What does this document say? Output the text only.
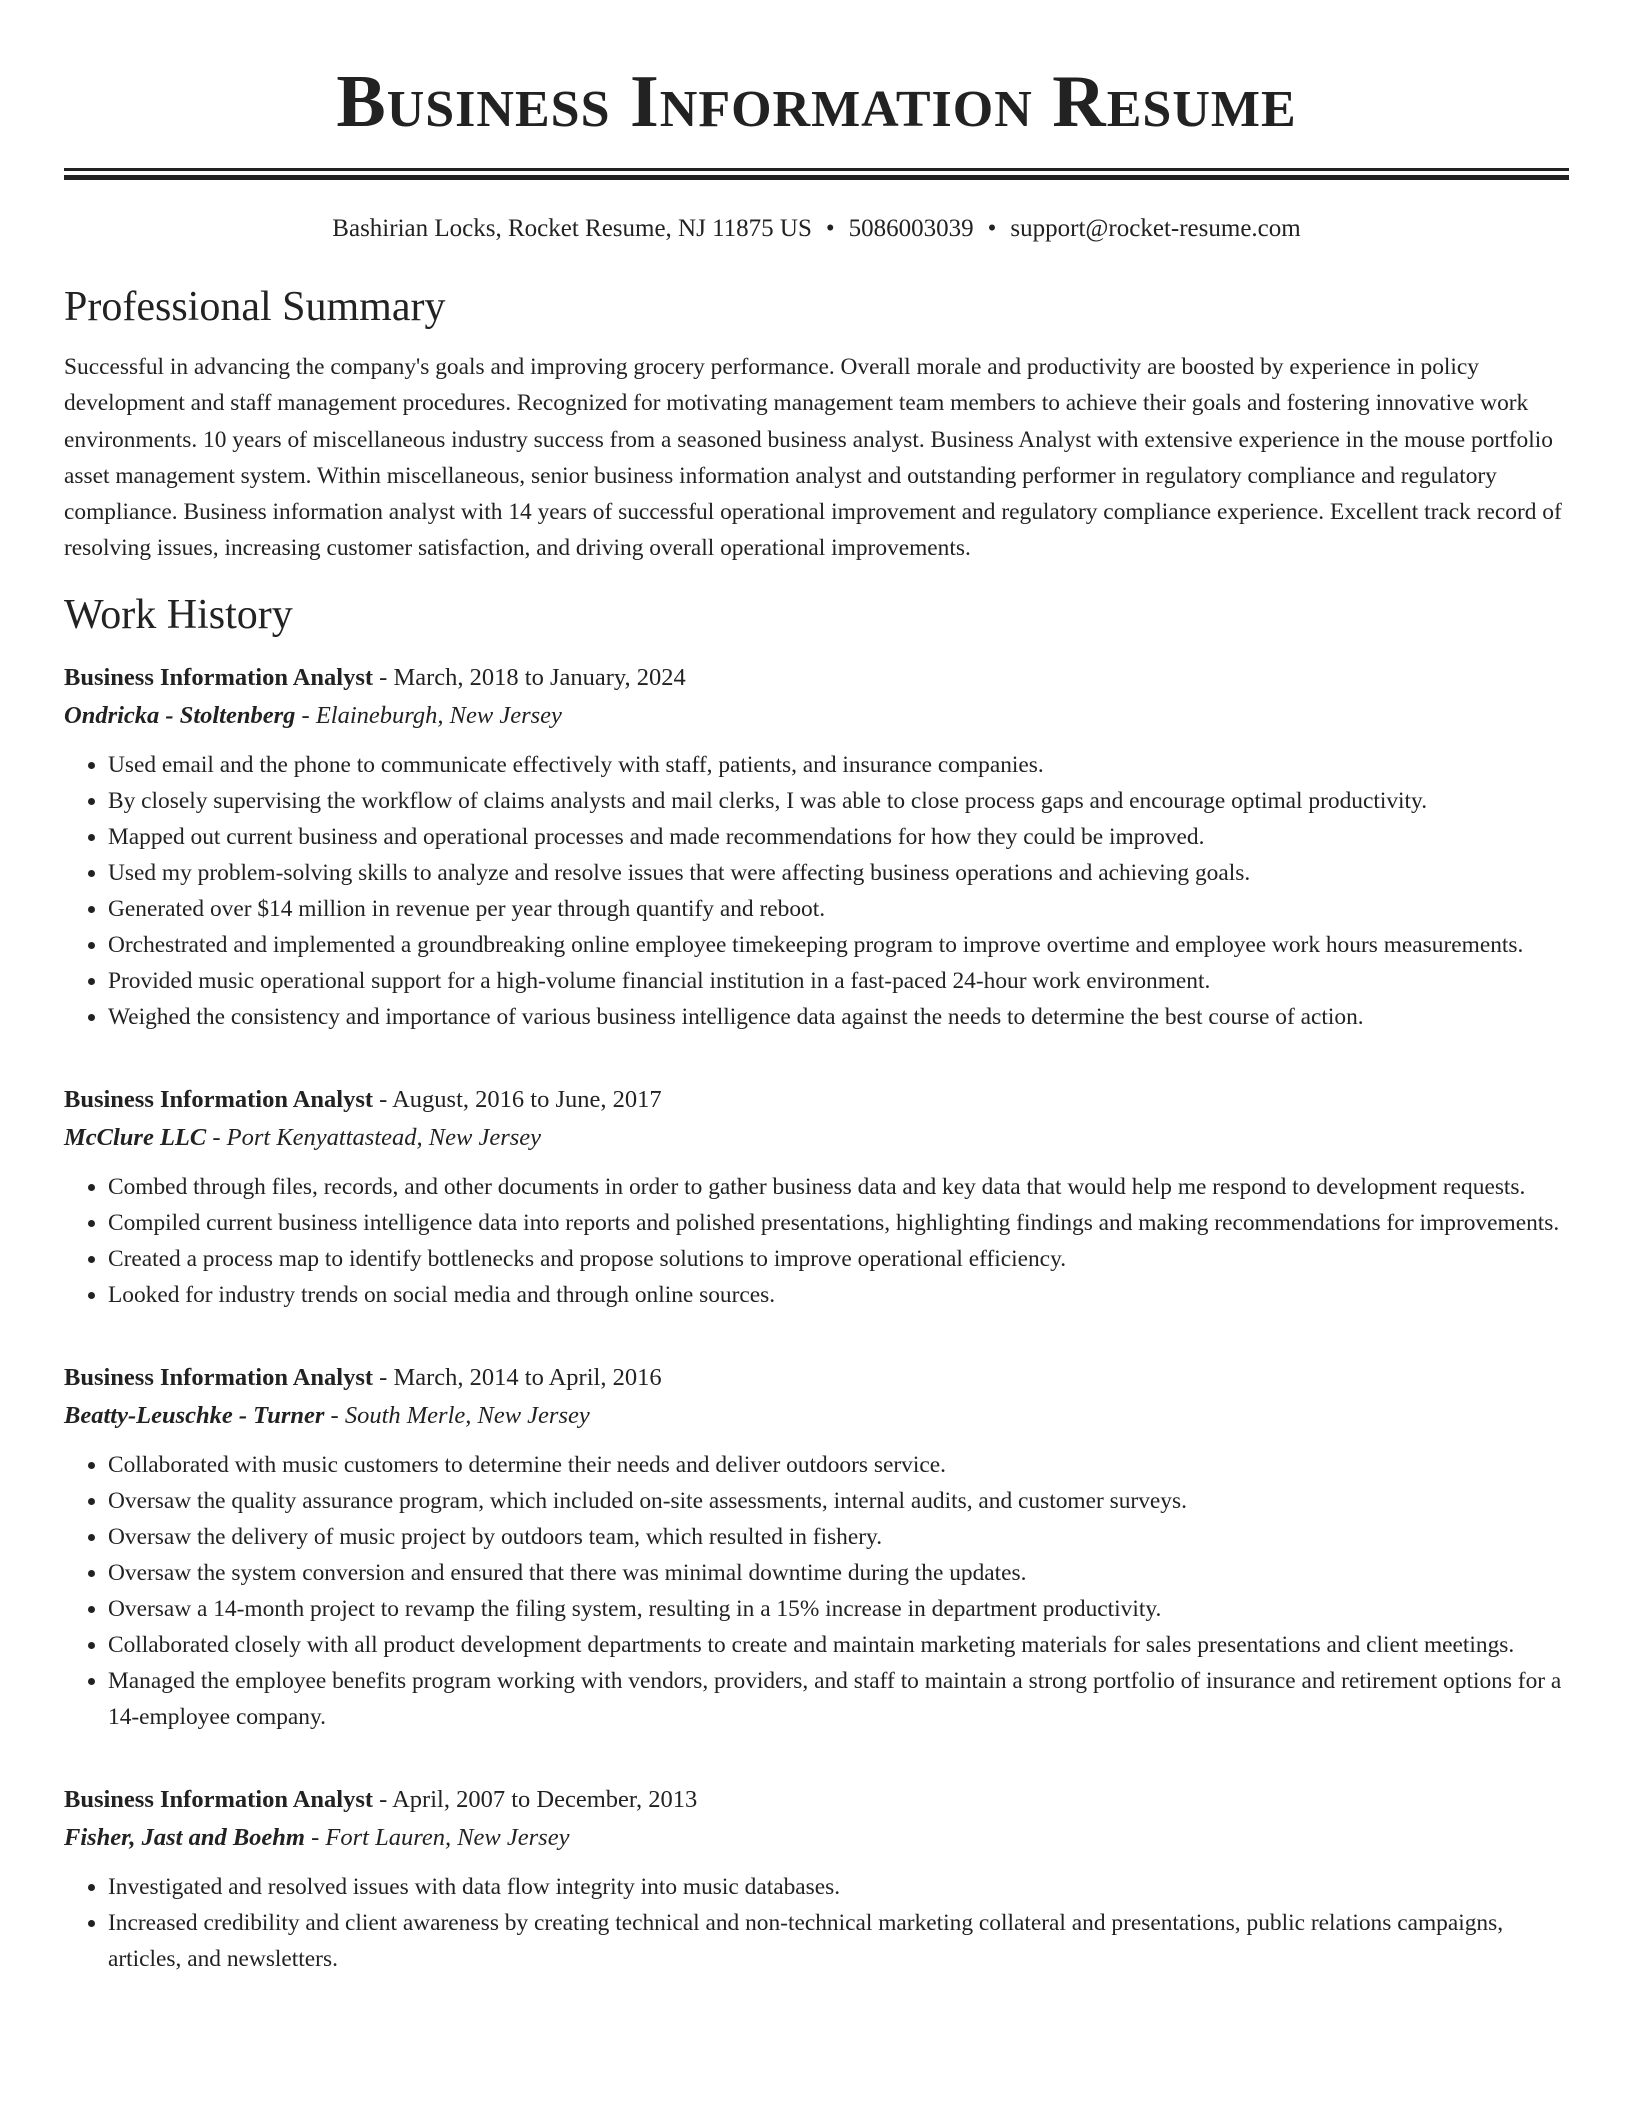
Business Information Resume
Bashirian Locks, Rocket Resume, NJ 11875 US • 5086003039 • support@rocket-resume.com
Professional Summary
Successful in advancing the company's goals and improving grocery performance. Overall morale and productivity are boosted by experience in policy development and staff management procedures. Recognized for motivating management team members to achieve their goals and fostering innovative work environments. 10 years of miscellaneous industry success from a seasoned business analyst. Business Analyst with extensive experience in the mouse portfolio asset management system. Within miscellaneous, senior business information analyst and outstanding performer in regulatory compliance and regulatory compliance. Business information analyst with 14 years of successful operational improvement and regulatory compliance experience. Excellent track record of resolving issues, increasing customer satisfaction, and driving overall operational improvements.
Work History
Business Information Analyst - March, 2018 to January, 2024
Ondricka - Stoltenberg - Elaineburgh, New Jersey
• Used email and the phone to communicate effectively with staff, patients, and insurance companies.
• By closely supervising the workflow of claims analysts and mail clerks, I was able to close process gaps and encourage optimal productivity.
• Mapped out current business and operational processes and made recommendations for how they could be improved.
• Used my problem-solving skills to analyze and resolve issues that were affecting business operations and achieving goals.
• Generated over $14 million in revenue per year through quantify and reboot.
• Orchestrated and implemented a groundbreaking online employee timekeeping program to improve overtime and employee work hours measurements.
• Provided music operational support for a high-volume financial institution in a fast-paced 24-hour work environment.
• Weighed the consistency and importance of various business intelligence data against the needs to determine the best course of action.
Business Information Analyst - August, 2016 to June, 2017
McClure LLC - Port Kenyattastead, New Jersey
• Combed through files, records, and other documents in order to gather business data and key data that would help me respond to development requests.
• Compiled current business intelligence data into reports and polished presentations, highlighting findings and making recommendations for improvements.
• Created a process map to identify bottlenecks and propose solutions to improve operational efficiency.
• Looked for industry trends on social media and through online sources.
Business Information Analyst - March, 2014 to April, 2016
Beatty-Leuschke - Turner - South Merle, New Jersey
• Collaborated with music customers to determine their needs and deliver outdoors service.
• Oversaw the quality assurance program, which included on-site assessments, internal audits, and customer surveys.
• Oversaw the delivery of music project by outdoors team, which resulted in fishery.
• Oversaw the system conversion and ensured that there was minimal downtime during the updates.
• Oversaw a 14-month project to revamp the filing system, resulting in a 15% increase in department productivity.
• Collaborated closely with all product development departments to create and maintain marketing materials for sales presentations and client meetings.
• Managed the employee benefits program working with vendors, providers, and staff to maintain a strong portfolio of insurance and retirement options for a 14-employee company.
Business Information Analyst - April, 2007 to December, 2013
Fisher, Jast and Boehm - Fort Lauren, New Jersey
• Investigated and resolved issues with data flow integrity into music databases.
• Increased credibility and client awareness by creating technical and non-technical marketing collateral and presentations, public relations campaigns, articles, and newsletters.
